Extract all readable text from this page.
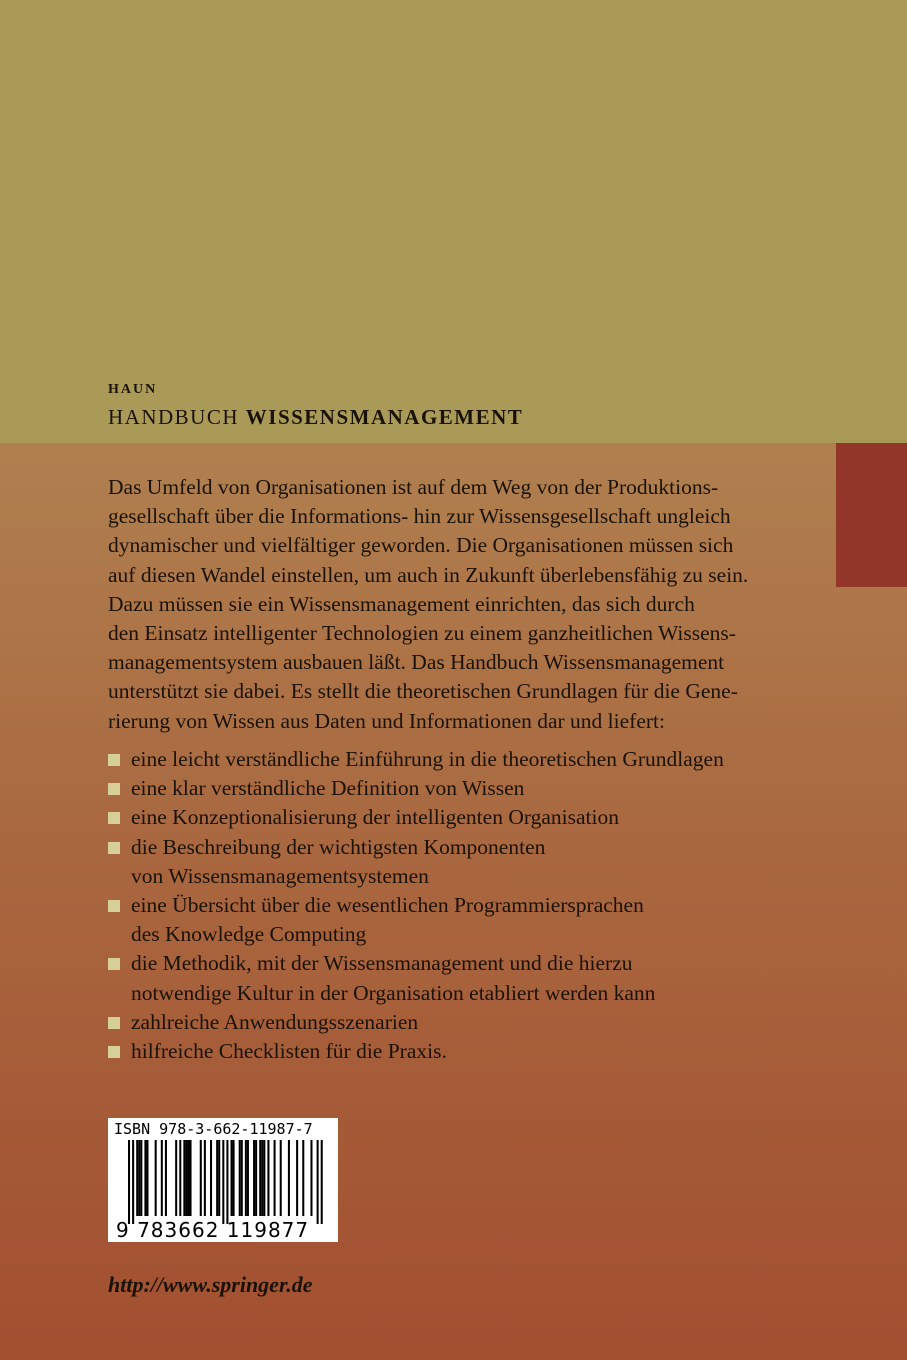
HAUN
HANDBUCH WISSENSMANAGEMENT

Das Umfeld von Organisationen ist auf dem Weg von der Produktions-
gesellschaft über die Informations- hin zur Wissensgesellschaft ungleich
dynamischer und vielfältiger geworden. Die Organisationen müssen sich
auf diesen Wandel einstellen, um auch in Zukunft überlebensfähig zu sein.
Dazu müssen sie ein Wissensmanagement einrichten, das sich durch
den Einsatz intelligenter Technologien zu einem ganzheitlichen Wissens-
managementsystem ausbauen läßt. Das Handbuch Wissensmanagement
unterstützt sie dabei. Es stellt die theoretischen Grundlagen für die Gene-
rierung von Wissen aus Daten und Informationen dar und liefert:

eine leicht verständliche Einführung in die theoretischen Grundlagen
eine klar verständliche Definition von Wissen
eine Konzeptionalisierung der intelligenten Organisation
die Beschreibung der wichtigsten Komponenten
von Wissensmanagementsystemen
eine Übersicht über die wesentlichen Programmiersprachen
des Knowledge Computing
die Methodik, mit der Wissensmanagement und die hierzu
notwendige Kultur in der Organisation etabliert werden kann
zahlreiche Anwendungsszenarien
hilfreiche Checklisten für die Praxis.
ISBN 978-3-662-11987-7
9 783662 119877
http://www.springer.de
